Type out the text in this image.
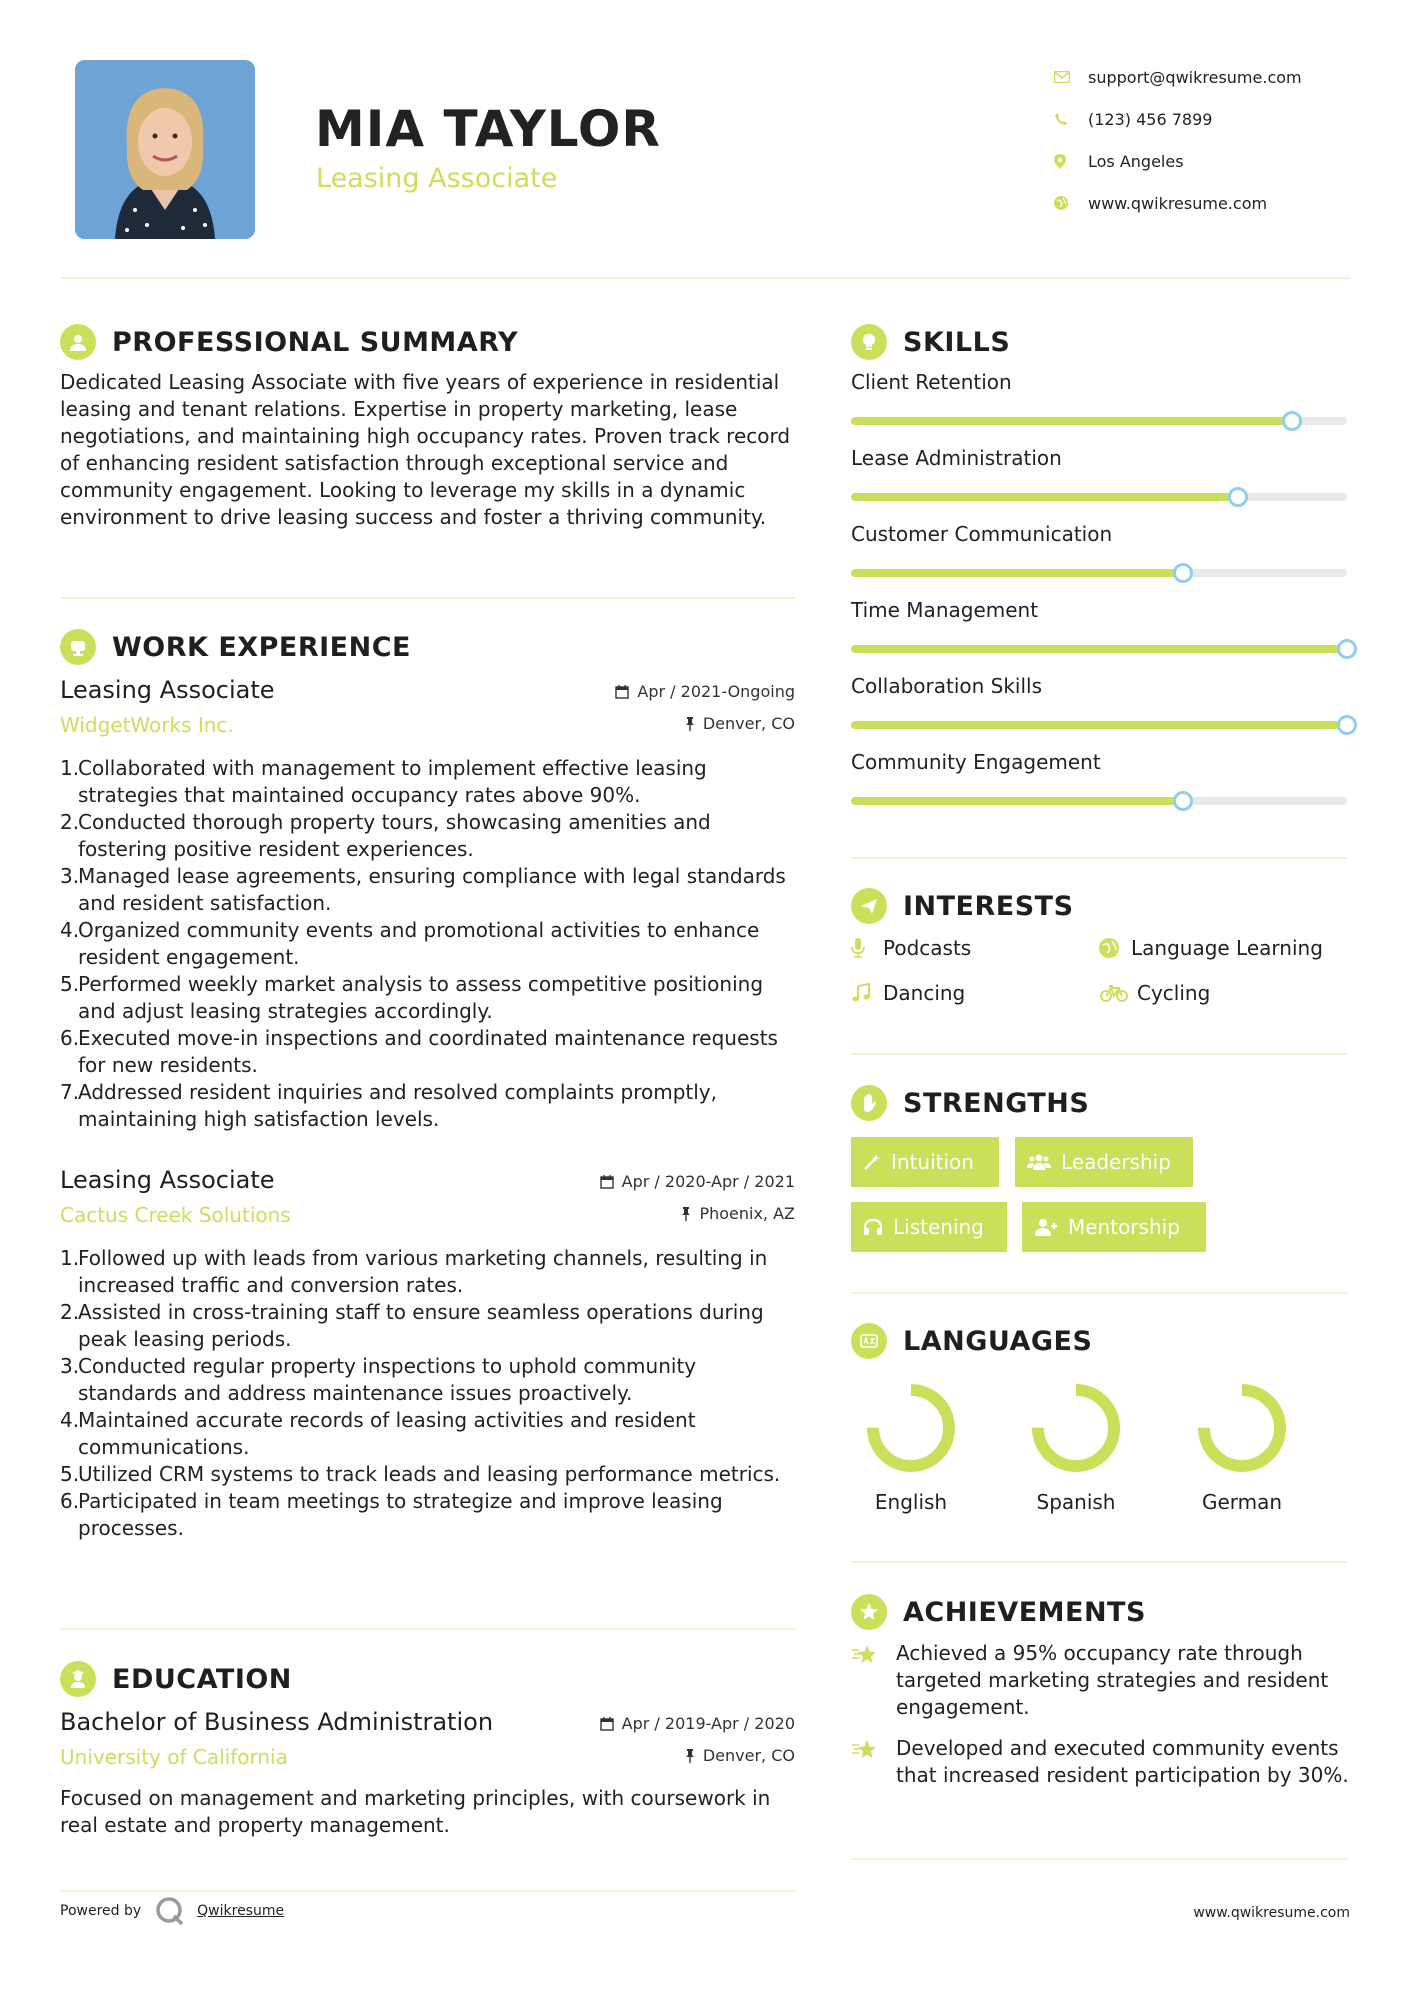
MIA TAYLOR
Leasing Associate
support@qwikresume.com
(123) 456 7899
Los Angeles
www.qwikresume.com
PROFESSIONAL SUMMARY
Dedicated Leasing Associate with five years of experience in residential leasing and tenant relations. Expertise in property marketing, lease negotiations, and maintaining high occupancy rates. Proven track record of enhancing resident satisfaction through exceptional service and community engagement. Looking to leverage my skills in a dynamic environment to drive leasing success and foster a thriving community.
WORK EXPERIENCE
Leasing Associate
WidgetWorks Inc.
Apr / 2021-Ongoing
Denver, CO
1.
Collaborated with management to implement effective leasing strategies that maintained occupancy rates above 90%.
2.
Conducted thorough property tours, showcasing amenities and fostering positive resident experiences.
3.
Managed lease agreements, ensuring compliance with legal standards and resident satisfaction.
4.
Organized community events and promotional activities to enhance resident engagement.
5.
Performed weekly market analysis to assess competitive positioning and adjust leasing strategies accordingly.
6.
Executed move-in inspections and coordinated maintenance requests for new residents.
7.
Addressed resident inquiries and resolved complaints promptly, maintaining high satisfaction levels.
Leasing Associate
Cactus Creek Solutions
Apr / 2020-Apr / 2021
Phoenix, AZ
1.
Followed up with leads from various marketing channels, resulting in increased traffic and conversion rates.
2.
Assisted in cross-training staff to ensure seamless operations during peak leasing periods.
3.
Conducted regular property inspections to uphold community standards and address maintenance issues proactively.
4.
Maintained accurate records of leasing activities and resident communications.
5.
Utilized CRM systems to track leads and leasing performance metrics.
6.
Participated in team meetings to strategize and improve leasing processes.
EDUCATION
Bachelor of Business Administration
University of California
Apr / 2019-Apr / 2020
Denver, CO
Focused on management and marketing principles, with coursework in real estate and property management.
SKILLS
Client Retention
Lease Administration
Customer Communication
Time Management
Collaboration Skills
Community Engagement
INTERESTS
Podcasts	Language Learning
Dancing	Cycling
STRENGTHS
Intuition	Leadership
Listening	Mentorship
LANGUAGES
English	Spanish	German
ACHIEVEMENTS
Achieved a 95% occupancy rate through targeted marketing strategies and resident engagement.
Developed and executed community events that increased resident participation by 30%.
Powered by	Qwikresume	www.qwikresume.com
